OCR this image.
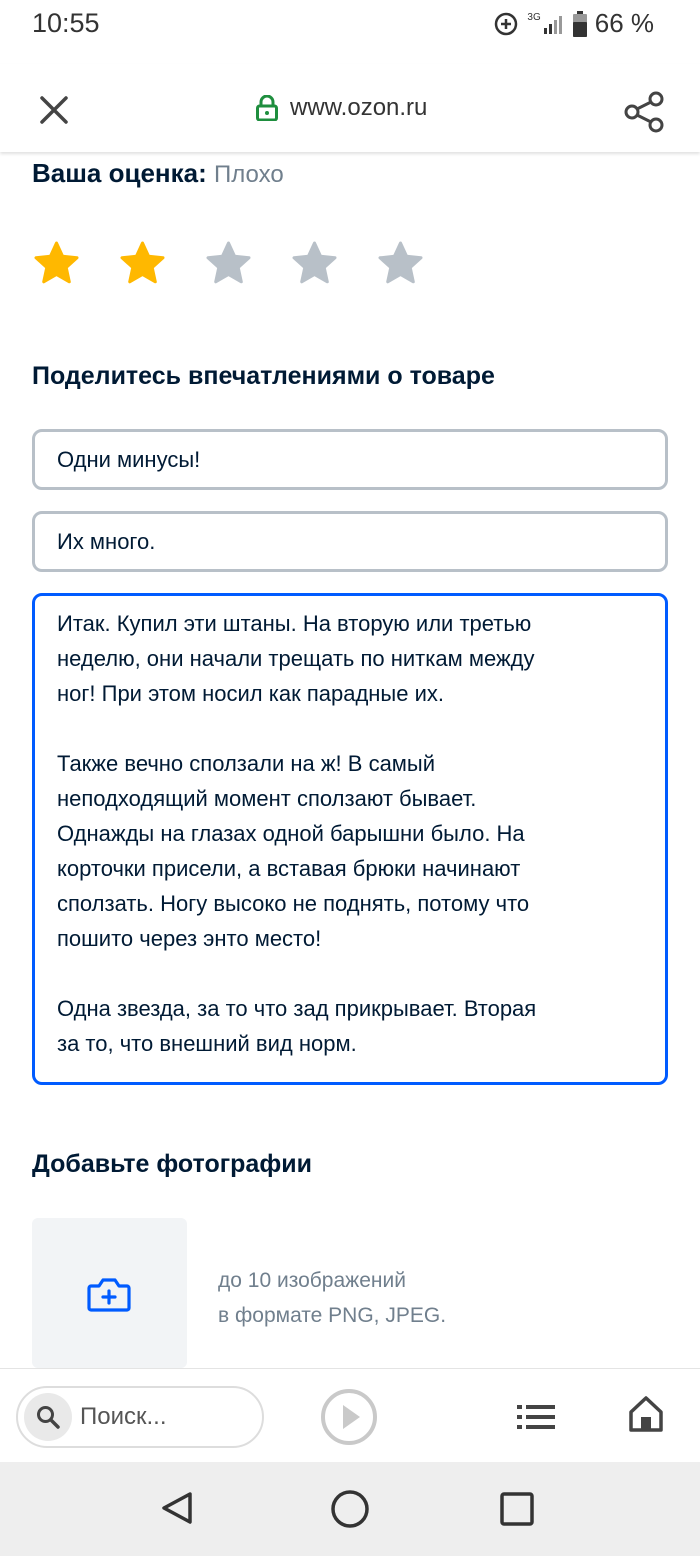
10:55	3G 66 %
www.ozon.ru
Ваша оценка: Плохо
Поделитесь впечатлениями о товаре
Одни минусы!
Их много.
Итак. Купил эти штаны. На вторую или третью
неделю, они начали трещать по ниткам между
ног! При этом носил как парадные их.

Также вечно сползали на ж! В самый
неподходящий момент сползают бывает.
Однажды на глазах одной барышни было. На
корточки присели, а вставая брюки начинают
сползать. Ногу высоко не поднять, потому что
пошито через энто место!

Одна звезда, за то что зад прикрывает. Вторая
за то, что внешний вид норм.
Добавьте фотографии
до 10 изображений
в формате PNG, JPEG.
Поиск...
